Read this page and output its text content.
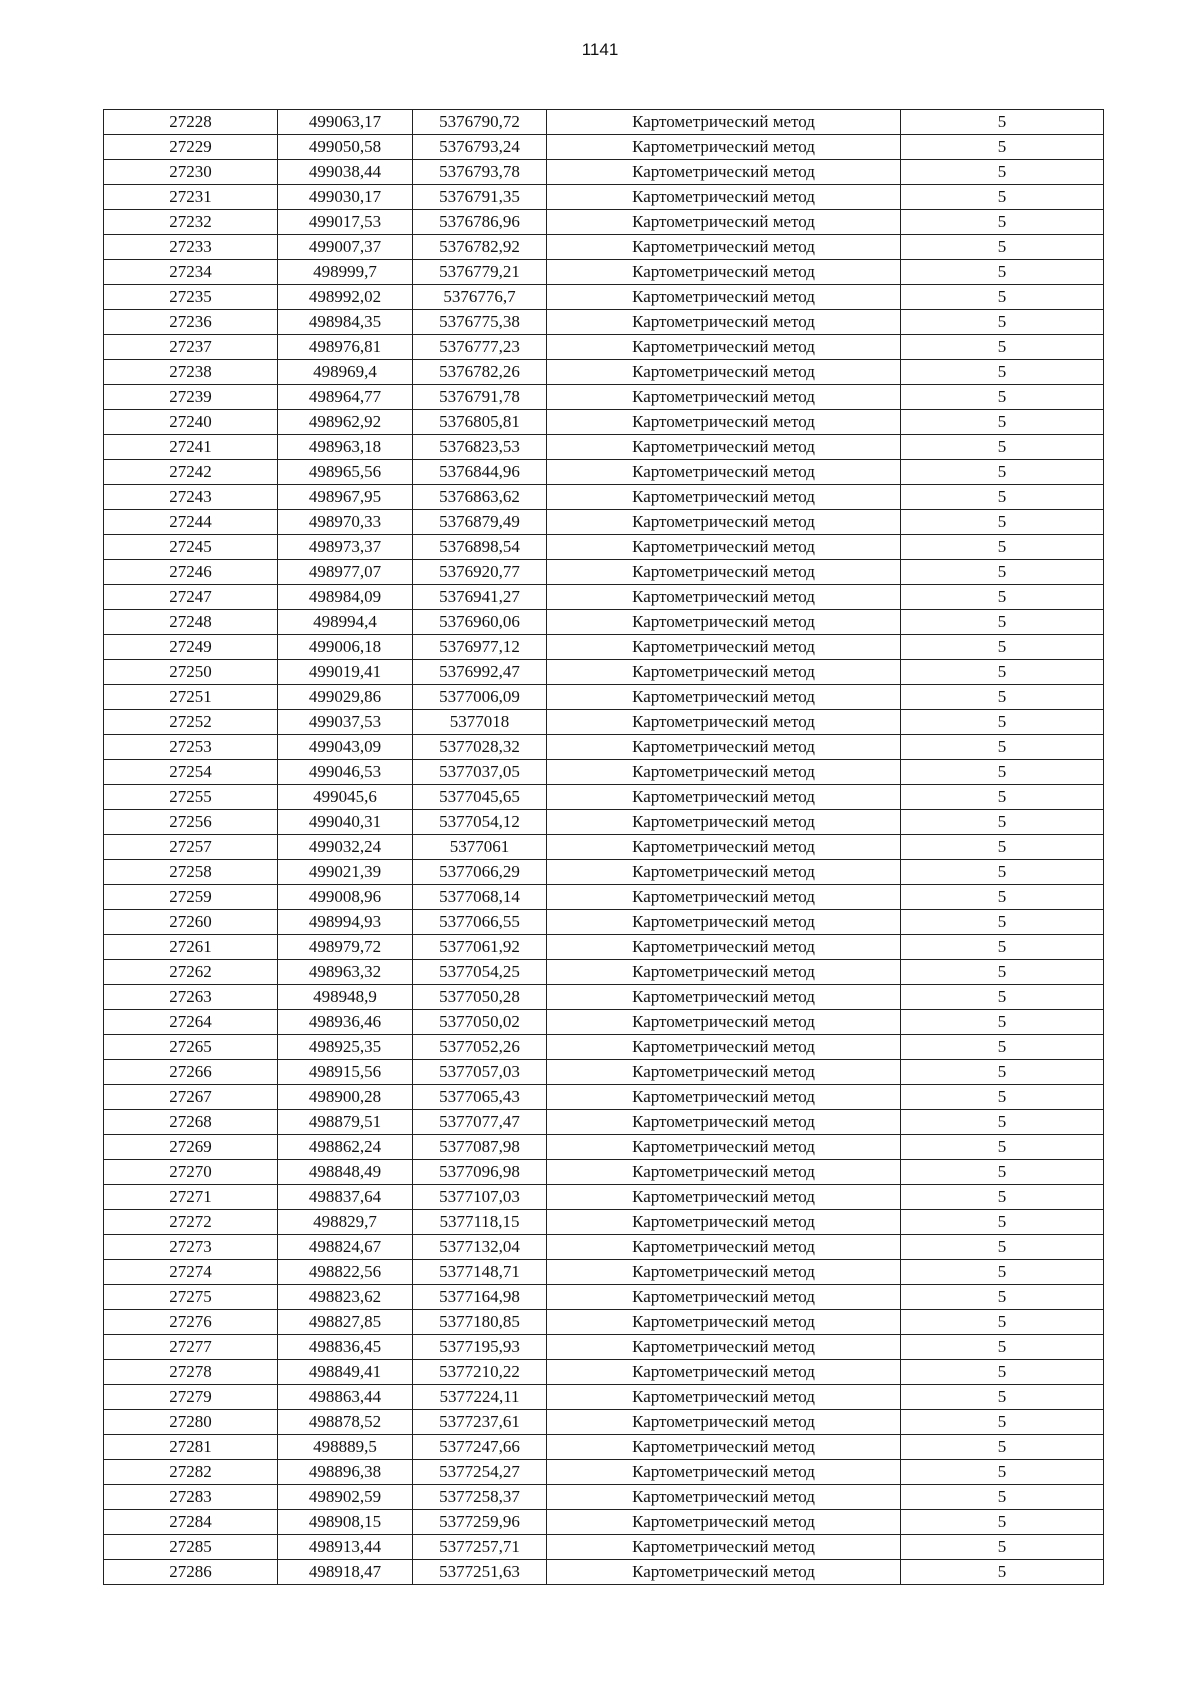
1141
27228	499063,17	5376790,72	Картометрический метод	5
27229	499050,58	5376793,24	Картометрический метод	5
27230	499038,44	5376793,78	Картометрический метод	5
27231	499030,17	5376791,35	Картометрический метод	5
27232	499017,53	5376786,96	Картометрический метод	5
27233	499007,37	5376782,92	Картометрический метод	5
27234	498999,7	5376779,21	Картометрический метод	5
27235	498992,02	5376776,7	Картометрический метод	5
27236	498984,35	5376775,38	Картометрический метод	5
27237	498976,81	5376777,23	Картометрический метод	5
27238	498969,4	5376782,26	Картометрический метод	5
27239	498964,77	5376791,78	Картометрический метод	5
27240	498962,92	5376805,81	Картометрический метод	5
27241	498963,18	5376823,53	Картометрический метод	5
27242	498965,56	5376844,96	Картометрический метод	5
27243	498967,95	5376863,62	Картометрический метод	5
27244	498970,33	5376879,49	Картометрический метод	5
27245	498973,37	5376898,54	Картометрический метод	5
27246	498977,07	5376920,77	Картометрический метод	5
27247	498984,09	5376941,27	Картометрический метод	5
27248	498994,4	5376960,06	Картометрический метод	5
27249	499006,18	5376977,12	Картометрический метод	5
27250	499019,41	5376992,47	Картометрический метод	5
27251	499029,86	5377006,09	Картометрический метод	5
27252	499037,53	5377018	Картометрический метод	5
27253	499043,09	5377028,32	Картометрический метод	5
27254	499046,53	5377037,05	Картометрический метод	5
27255	499045,6	5377045,65	Картометрический метод	5
27256	499040,31	5377054,12	Картометрический метод	5
27257	499032,24	5377061	Картометрический метод	5
27258	499021,39	5377066,29	Картометрический метод	5
27259	499008,96	5377068,14	Картометрический метод	5
27260	498994,93	5377066,55	Картометрический метод	5
27261	498979,72	5377061,92	Картометрический метод	5
27262	498963,32	5377054,25	Картометрический метод	5
27263	498948,9	5377050,28	Картометрический метод	5
27264	498936,46	5377050,02	Картометрический метод	5
27265	498925,35	5377052,26	Картометрический метод	5
27266	498915,56	5377057,03	Картометрический метод	5
27267	498900,28	5377065,43	Картометрический метод	5
27268	498879,51	5377077,47	Картометрический метод	5
27269	498862,24	5377087,98	Картометрический метод	5
27270	498848,49	5377096,98	Картометрический метод	5
27271	498837,64	5377107,03	Картометрический метод	5
27272	498829,7	5377118,15	Картометрический метод	5
27273	498824,67	5377132,04	Картометрический метод	5
27274	498822,56	5377148,71	Картометрический метод	5
27275	498823,62	5377164,98	Картометрический метод	5
27276	498827,85	5377180,85	Картометрический метод	5
27277	498836,45	5377195,93	Картометрический метод	5
27278	498849,41	5377210,22	Картометрический метод	5
27279	498863,44	5377224,11	Картометрический метод	5
27280	498878,52	5377237,61	Картометрический метод	5
27281	498889,5	5377247,66	Картометрический метод	5
27282	498896,38	5377254,27	Картометрический метод	5
27283	498902,59	5377258,37	Картометрический метод	5
27284	498908,15	5377259,96	Картометрический метод	5
27285	498913,44	5377257,71	Картометрический метод	5
27286	498918,47	5377251,63	Картометрический метод	5
